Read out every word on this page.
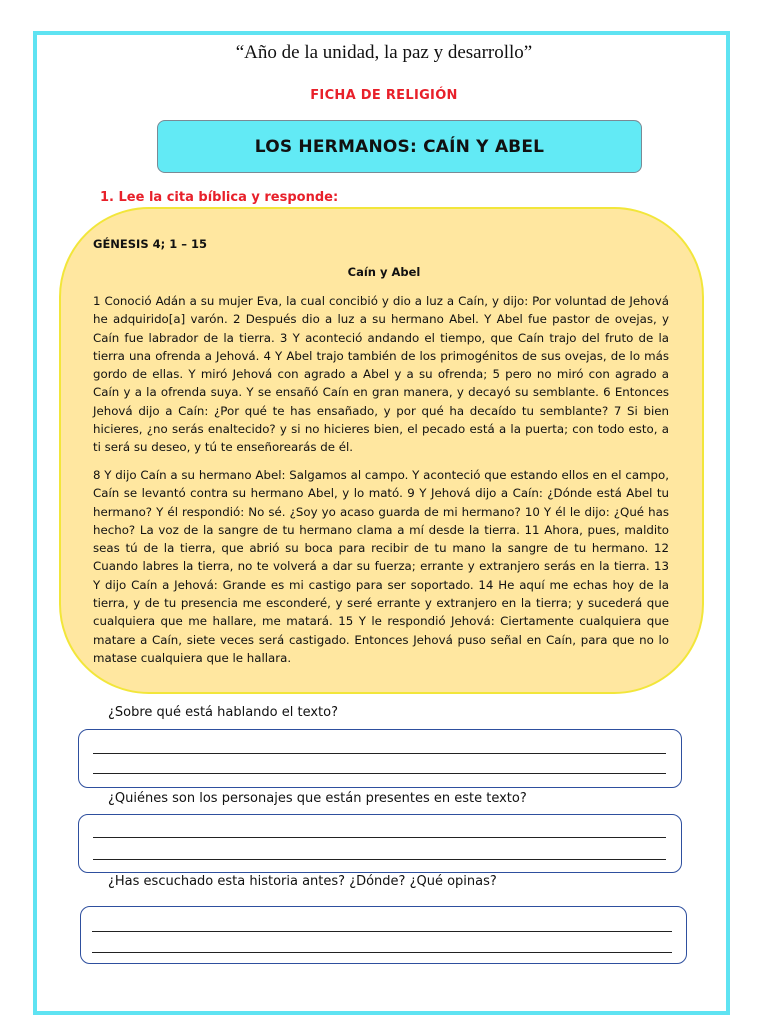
“Año de la unidad, la paz y desarrollo”
FICHA DE RELIGIÓN
LOS HERMANOS: CAÍN Y ABEL
1. Lee la cita bíblica y responde:
GÉNESIS 4; 1 – 15
Caín y Abel
1 Conoció Adán a su mujer Eva, la cual concibió y dio a luz a Caín, y dijo: Por voluntad de Jehová he adquirido[a] varón. 2 Después dio a luz a su hermano Abel. Y Abel fue pastor de ovejas, y Caín fue labrador de la tierra. 3 Y aconteció andando el tiempo, que Caín trajo del fruto de la tierra una ofrenda a Jehová. 4 Y Abel trajo también de los primogénitos de sus ovejas, de lo más gordo de ellas. Y miró Jehová con agrado a Abel y a su ofrenda; 5 pero no miró con agrado a Caín y a la ofrenda suya. Y se ensañó Caín en gran manera, y decayó su semblante. 6 Entonces Jehová dijo a Caín: ¿Por qué te has ensañado, y por qué ha decaído tu semblante? 7 Si bien hicieres, ¿no serás enaltecido? y si no hicieres bien, el pecado está a la puerta; con todo esto, a ti será su deseo, y tú te enseñorearás de él.
8 Y dijo Caín a su hermano Abel: Salgamos al campo. Y aconteció que estando ellos en el campo, Caín se levantó contra su hermano Abel, y lo mató. 9 Y Jehová dijo a Caín: ¿Dónde está Abel tu hermano? Y él respondió: No sé. ¿Soy yo acaso guarda de mi hermano? 10 Y él le dijo: ¿Qué has hecho? La voz de la sangre de tu hermano clama a mí desde la tierra. 11 Ahora, pues, maldito seas tú de la tierra, que abrió su boca para recibir de tu mano la sangre de tu hermano. 12 Cuando labres la tierra, no te volverá a dar su fuerza; errante y extranjero serás en la tierra. 13 Y dijo Caín a Jehová: Grande es mi castigo para ser soportado. 14 He aquí me echas hoy de la tierra, y de tu presencia me esconderé, y seré errante y extranjero en la tierra; y sucederá que cualquiera que me hallare, me matará. 15 Y le respondió Jehová: Ciertamente cualquiera que matare a Caín, siete veces será castigado. Entonces Jehová puso señal en Caín, para que no lo matase cualquiera que le hallara.
¿Sobre qué está hablando el texto?
¿Quiénes son los personajes que están presentes en este texto?
¿Has escuchado esta historia antes? ¿Dónde? ¿Qué opinas?
